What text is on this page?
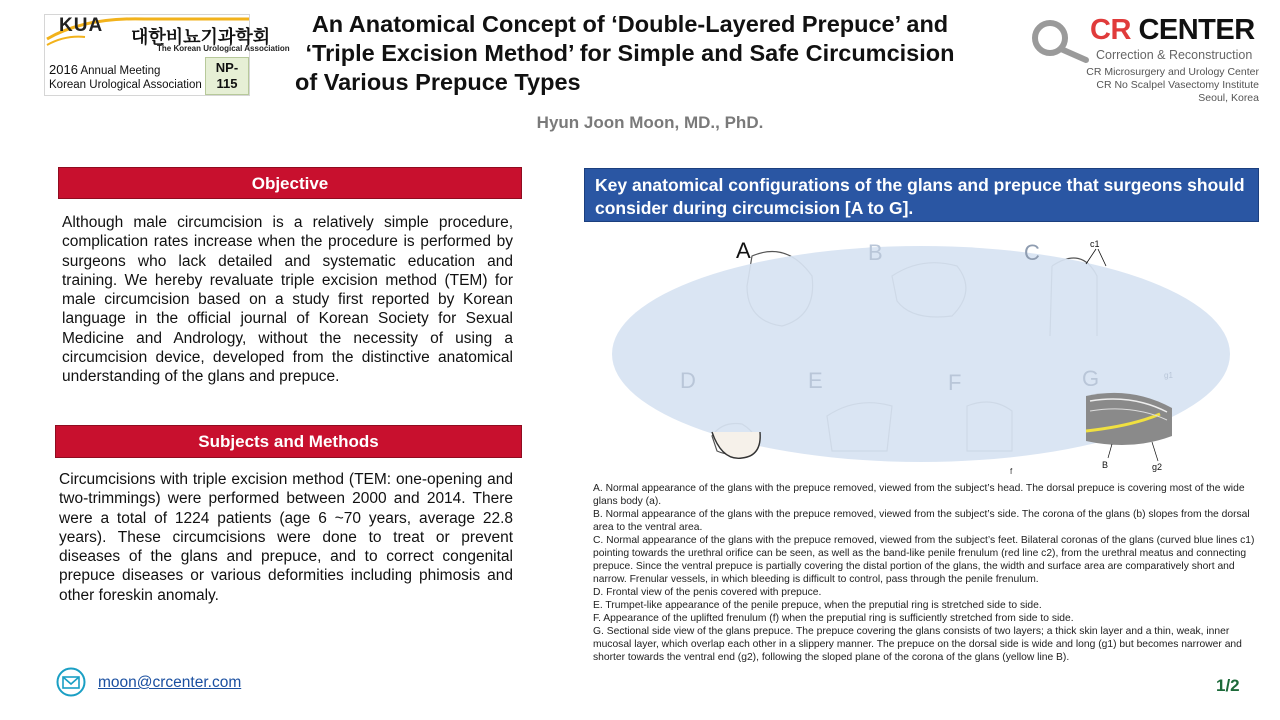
KUA
대한비뇨기과학회
The Korean Urological Association
2016 Annual Meeting
Korean Urological Association
NP-
115
An Anatomical Concept of ‘Double-Layered Prepuce’ and
‘Triple Excision Method’ for Simple and Safe Circumcision
of Various Prepuce Types
Hyun Joon Moon, MD., PhD.
CR CENTER
Correction & Reconstruction
CR Microsurgery and Urology Center
CR No Scalpel Vasectomy Institute
Seoul, Korea
Objective
Although male circumcision is a relatively simple procedure, complication rates increase when the procedure is performed by surgeons who lack detailed and systematic education and training. We hereby revaluate triple excision method (TEM) for male circumcision based on a study first reported by Korean language in the official journal of Korean Society for Sexual Medicine and Andrology, without the necessity of using a circumcision device, developed from the distinctive anatomical understanding of the glans and prepuce.
Subjects and Methods
Circumcisions with triple excision method (TEM: one-opening and two-trimmings) were performed between 2000 and 2014. There were a total of 1224 patients (age 6 ~70 years, average 22.8 years). These circumcisions were done to treat or prevent diseases of the glans and prepuce, and to correct congenital prepuce diseases or various deformities including phimosis and other foreskin anomaly.
Key anatomical configurations of the glans and prepuce that surgeons should consider during circumcision [A to G].
A	B	C
D	E	F	G
c1
f
g1
B	g2

A. Normal appearance of the glans with the prepuce removed, viewed from the subject’s head. The dorsal prepuce is covering most of the wide glans body (a).

B. Normal appearance of the glans with the prepuce removed, viewed from the subject’s side. The corona of the glans (b) slopes from the dorsal area to the ventral area.

C. Normal appearance of the glans with the prepuce removed, viewed from the subject’s feet. Bilateral coronas of the glans (curved blue lines c1) pointing towards the urethral orifice can be seen, as well as the band-like penile frenulum (red line c2), from the urethral meatus and connecting prepuce. Since the ventral prepuce is partially covering the distal portion of the glans, the width and surface area are comparatively short and narrow. Frenular vessels, in which bleeding is difficult to control, pass through the penile frenulum.

D. Frontal view of the penis covered with prepuce.

E. Trumpet-like appearance of the penile prepuce, when the preputial ring is stretched side to side.

F. Appearance of the uplifted frenulum (f) when the preputial ring is sufficiently stretched from side to side.

G. Sectional side view of the glans prepuce. The prepuce covering the glans consists of two layers; a thick skin layer and a thin, weak, inner mucosal layer, which overlap each other in a slippery manner. The prepuce on the dorsal side is wide and long (g1) but becomes narrower and shorter towards the ventral end (g2), following the sloped plane of the corona of the glans (yellow line B).

moon@crcenter.com	1/2
